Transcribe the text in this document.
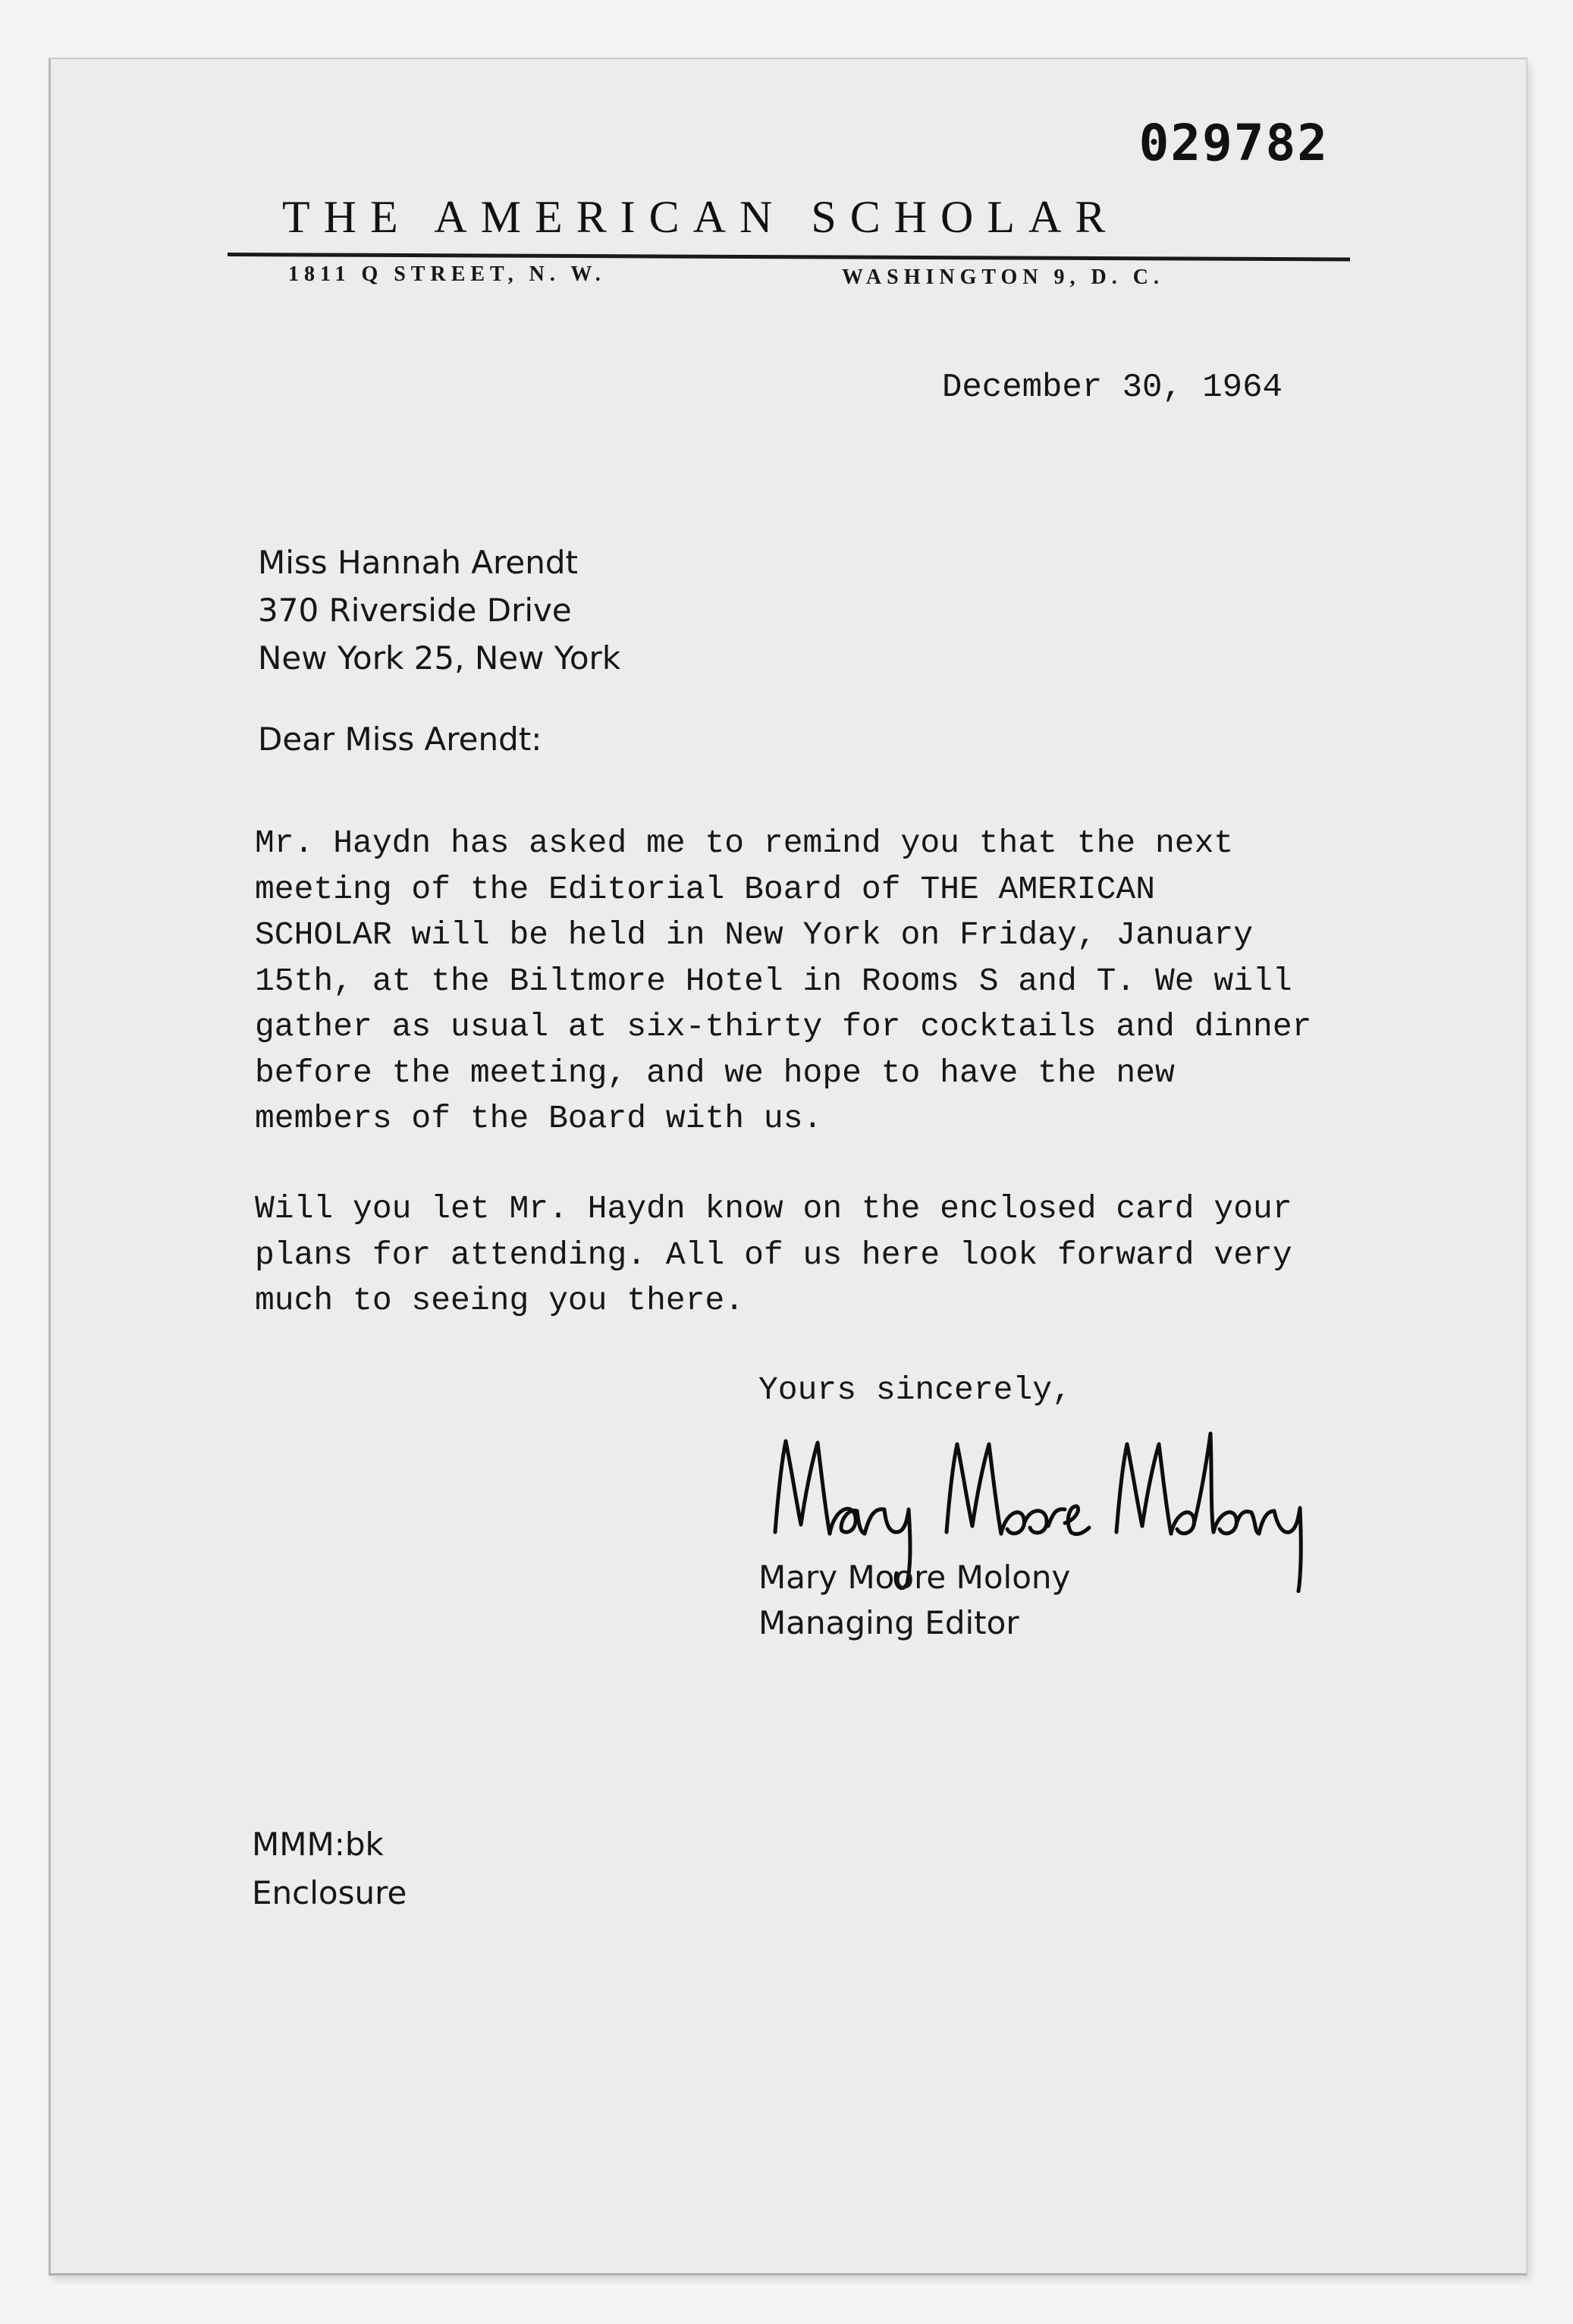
029782
THE AMERICAN SCHOLAR
1811 Q STREET, N. W.	WASHINGTON 9, D. C.
December 30, 1964
Miss Hannah Arendt
370 Riverside Drive
New York 25, New York
Dear Miss Arendt:
Mr. Haydn has asked me to remind you that the next
meeting of the Editorial Board of THE AMERICAN
SCHOLAR will be held in New York on Friday, January
15th, at the Biltmore Hotel in Rooms S and T. We will
gather as usual at six-thirty for cocktails and dinner
before the meeting, and we hope to have the new
members of the Board with us.
Will you let Mr. Haydn know on the enclosed card your
plans for attending. All of us here look forward very
much to seeing you there.
Yours sincerely,
Mary Moore Molony
Managing Editor
MMM:bk
Enclosure
